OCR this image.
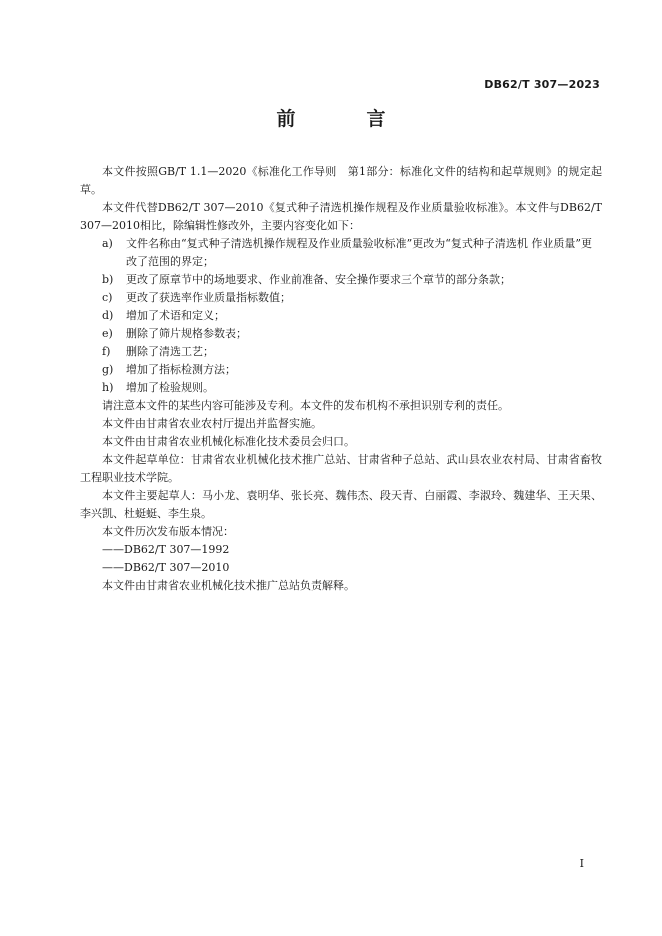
DB62/T 307—2023
前　言

本文件按照GB/T 1.1—2020《标准化工作导则　第1部分：标准化文件的结构和起草规则》的规定起草。

本文件代替DB62/T 307—2010《复式种子清选机操作规程及作业质量验收标准》。本文件与DB62/T 307—2010相比，除编辑性修改外，主要内容变化如下：

a)	文件名称由“复式种子清选机操作规程及作业质量验收标准”更改为“复式种子清选机 作业质量”更改了范围的界定；
b)	更改了原章节中的场地要求、作业前准备、安全操作要求三个章节的部分条款；
c)	更改了获选率作业质量指标数值；
d)	增加了术语和定义；
e)	删除了筛片规格参数表；
f)	删除了清选工艺；
g)	增加了指标检测方法；
h)	增加了检验规则。

请注意本文件的某些内容可能涉及专利。本文件的发布机构不承担识别专利的责任。

本文件由甘肃省农业农村厅提出并监督实施。

本文件由甘肃省农业机械化标准化技术委员会归口。

本文件起草单位：甘肃省农业机械化技术推广总站、甘肃省种子总站、武山县农业农村局、甘肃省畜牧工程职业技术学院。

本文件主要起草人：马小龙、袁明华、张长亮、魏伟杰、段天青、白丽霞、李淑玲、魏建华、王天果、李兴凯、杜蜓蜓、李生泉。

本文件历次发布版本情况：

——DB62/T 307—1992

——DB62/T 307—2010

本文件由甘肃省农业机械化技术推广总站负责解释。

I
